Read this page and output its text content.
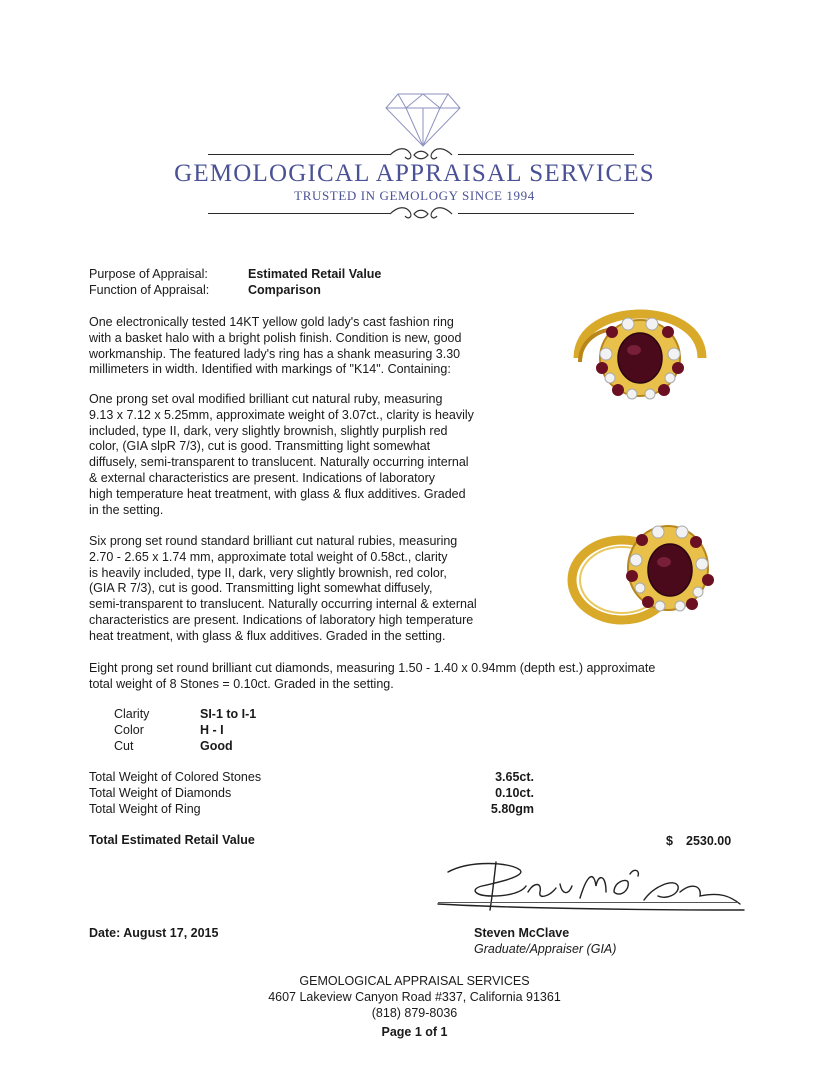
GEMOLOGICAL APPRAISAL SERVICES
TRUSTED IN GEMOLOGY SINCE 1994
Purpose of Appraisal:	Estimated Retail Value
Function of Appraisal:	Comparison
One electronically tested 14KT yellow gold lady's cast fashion ring
with a basket halo with a bright polish finish. Condition is new, good
workmanship. The featured lady's ring has a shank measuring 3.30
millimeters in width. Identified with markings of "K14". Containing:
One prong set oval modified brilliant cut natural ruby, measuring
9.13 x 7.12 x 5.25mm, approximate weight of 3.07ct., clarity is heavily
included, type II, dark, very slightly brownish, slightly purplish red
color, (GIA slpR 7/3), cut is good. Transmitting light somewhat
diffusely, semi-transparent to translucent. Naturally occurring internal
& external characteristics are present. Indications of laboratory
high temperature heat treatment, with glass & flux additives. Graded
in the setting.
Six prong set round standard brilliant cut natural rubies, measuring
2.70 - 2.65 x 1.74 mm, approximate total weight of 0.58ct., clarity
is heavily included, type II, dark, very slightly brownish, red color,
(GIA R 7/3), cut is good. Transmitting light somewhat diffusely,
semi-transparent to translucent. Naturally occurring internal & external
characteristics are present. Indications of laboratory high temperature
heat treatment, with glass & flux additives. Graded in the setting.
Eight prong set round brilliant cut diamonds, measuring 1.50 - 1.40 x 0.94mm (depth est.) approximate
total weight of 8 Stones = 0.10ct. Graded in the setting.
Clarity	SI-1 to I-1
Color	H - I
Cut	Good
Total Weight of Colored Stones	3.65ct.
Total Weight of Diamonds	0.10ct.
Total Weight of Ring	5.80gm
Total Estimated Retail Value	$ 2530.00
Date: August 17, 2015	Steven McClave
Graduate/Appraiser (GIA)
GEMOLOGICAL APPRAISAL SERVICES
4607 Lakeview Canyon Road #337, California 91361
(818) 879-8036
Page 1 of 1
